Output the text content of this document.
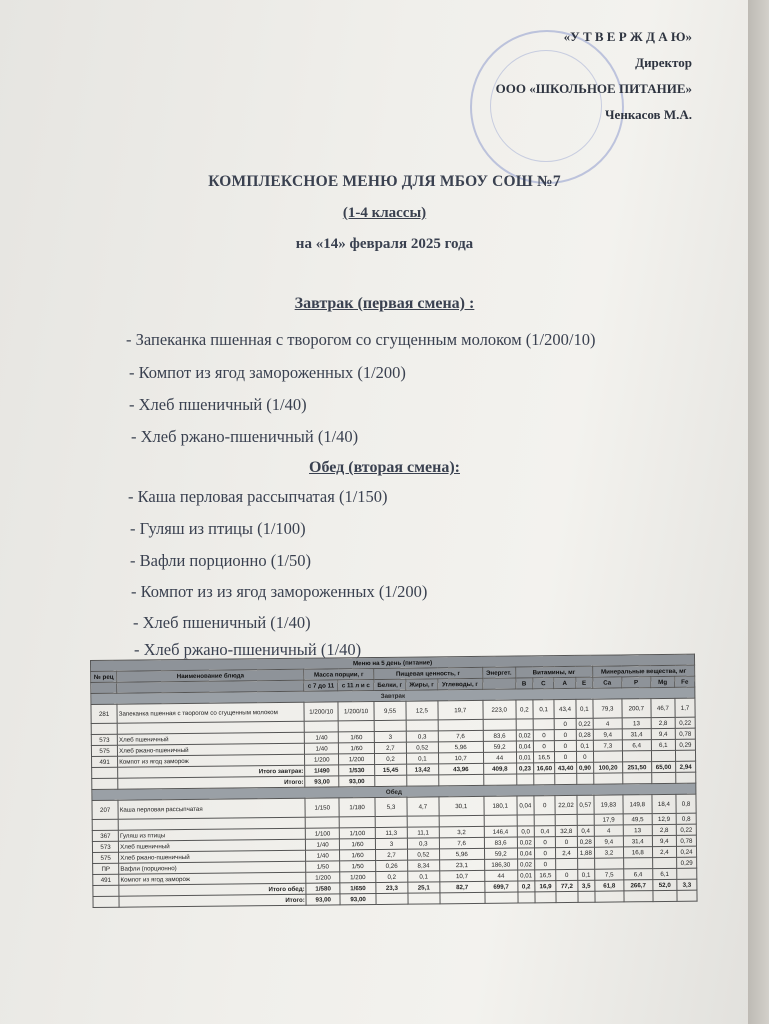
«У Т В Е Р Ж Д А Ю»
Директор
ООО «ШКОЛЬНОЕ ПИТАНИЕ»
Ченкасов М.А.
КОМПЛЕКСНОЕ МЕНЮ ДЛЯ МБОУ СОШ №7
(1-4 классы)
на «14» февраля 2025 года
Завтрак (первая смена) :
- Запеканка пшенная с творогом со сгущенным молоком (1/200/10)
- Компот из ягод замороженных (1/200)
- Хлеб пшеничный (1/40)
- Хлеб ржано-пшеничный (1/40)
Обед (вторая смена):
- Каша перловая рассыпчатая (1/150)
- Гуляш из птицы (1/100)
- Вафли порционно (1/50)
- Компот из из ягод замороженных (1/200)
- Хлеб пшеничный (1/40)
- Хлеб ржано-пшеничный (1/40)
Меню на 5 день (питание)															
№ рец	Наименование блюда	Масса порции, г		Пищевая ценность, г			Энергет.	Витамины, мг				Минеральные вещества, мг			
		с 7 до 11	с 11 л и с	Белки, г	Жиры, г	Углеводы, г		B	C	A	E	Ca	P	Mg	Fe
Завтрак															
281	Запеканка пшенная с творогом со сгущенным молоком	1/200/10	1/200/10	9,55	12,5	19,7	223,0	0,2	0,1	43,4	0,1	79,3	200,7	46,7	1,7
										0	0,22	4	13	2,8	0,22
573	Хлеб пшеничный	1/40	1/60	3	0,3	7,6	83,6	0,02	0	0	0,28	9,4	31,4	9,4	0,78
575	Хлеб ржано-пшеничный	1/40	1/60	2,7	0,52	5,96	59,2	0,04	0	0	0,1	7,3	6,4	6,1	0,29
491	Компот из ягод заморож	1/200	1/200	0,2	0,1	10,7	44	0,01	16,5	0	0				
	Итого завтрак:	1/490	1/530	15,45	13,42	43,96	409,8	0,23	16,60	43,40	0,90	100,20	251,50	65,00	2,94
	Итого:	93,00	93,00												
Обед															
207	Каша перловая рассыпчатая	1/150	1/180	5,3	4,7	30,1	180,1	0,04	0	22,02	0,57	19,83	149,8	18,4	0,8
												17,9	49,5	12,9	0,8
367	Гуляш из птицы	1/100	1/100	11,3	11,1	3,2	146,4	0,0	0,4	32,8	0,4	4	13	2,8	0,22
573	Хлеб пшеничный	1/40	1/60	3	0,3	7,6	83,6	0,02	0	0	0,28	9,4	31,4	9,4	0,78
575	Хлеб ржано-пшеничный	1/40	1/60	2,7	0,52	5,96	59,2	0,04	0	2,4	1,88	3,2	16,8	2,4	0,24
ПР	Вафли (порционно)	1/50	1/50	0,26	8,34	23,1	186,30	0,02	0						0,29
491	Компот из ягод заморож	1/200	1/200	0,2	0,1	10,7	44	0,01	16,5	0	0,1	7,5	6,4	6,1	
	Итого обед:	1/580	1/650	23,3	25,1	82,7	699,7	0,2	16,9	77,2	3,5	61,8	266,7	52,0	3,3
	Итого:	93,00	93,00												
